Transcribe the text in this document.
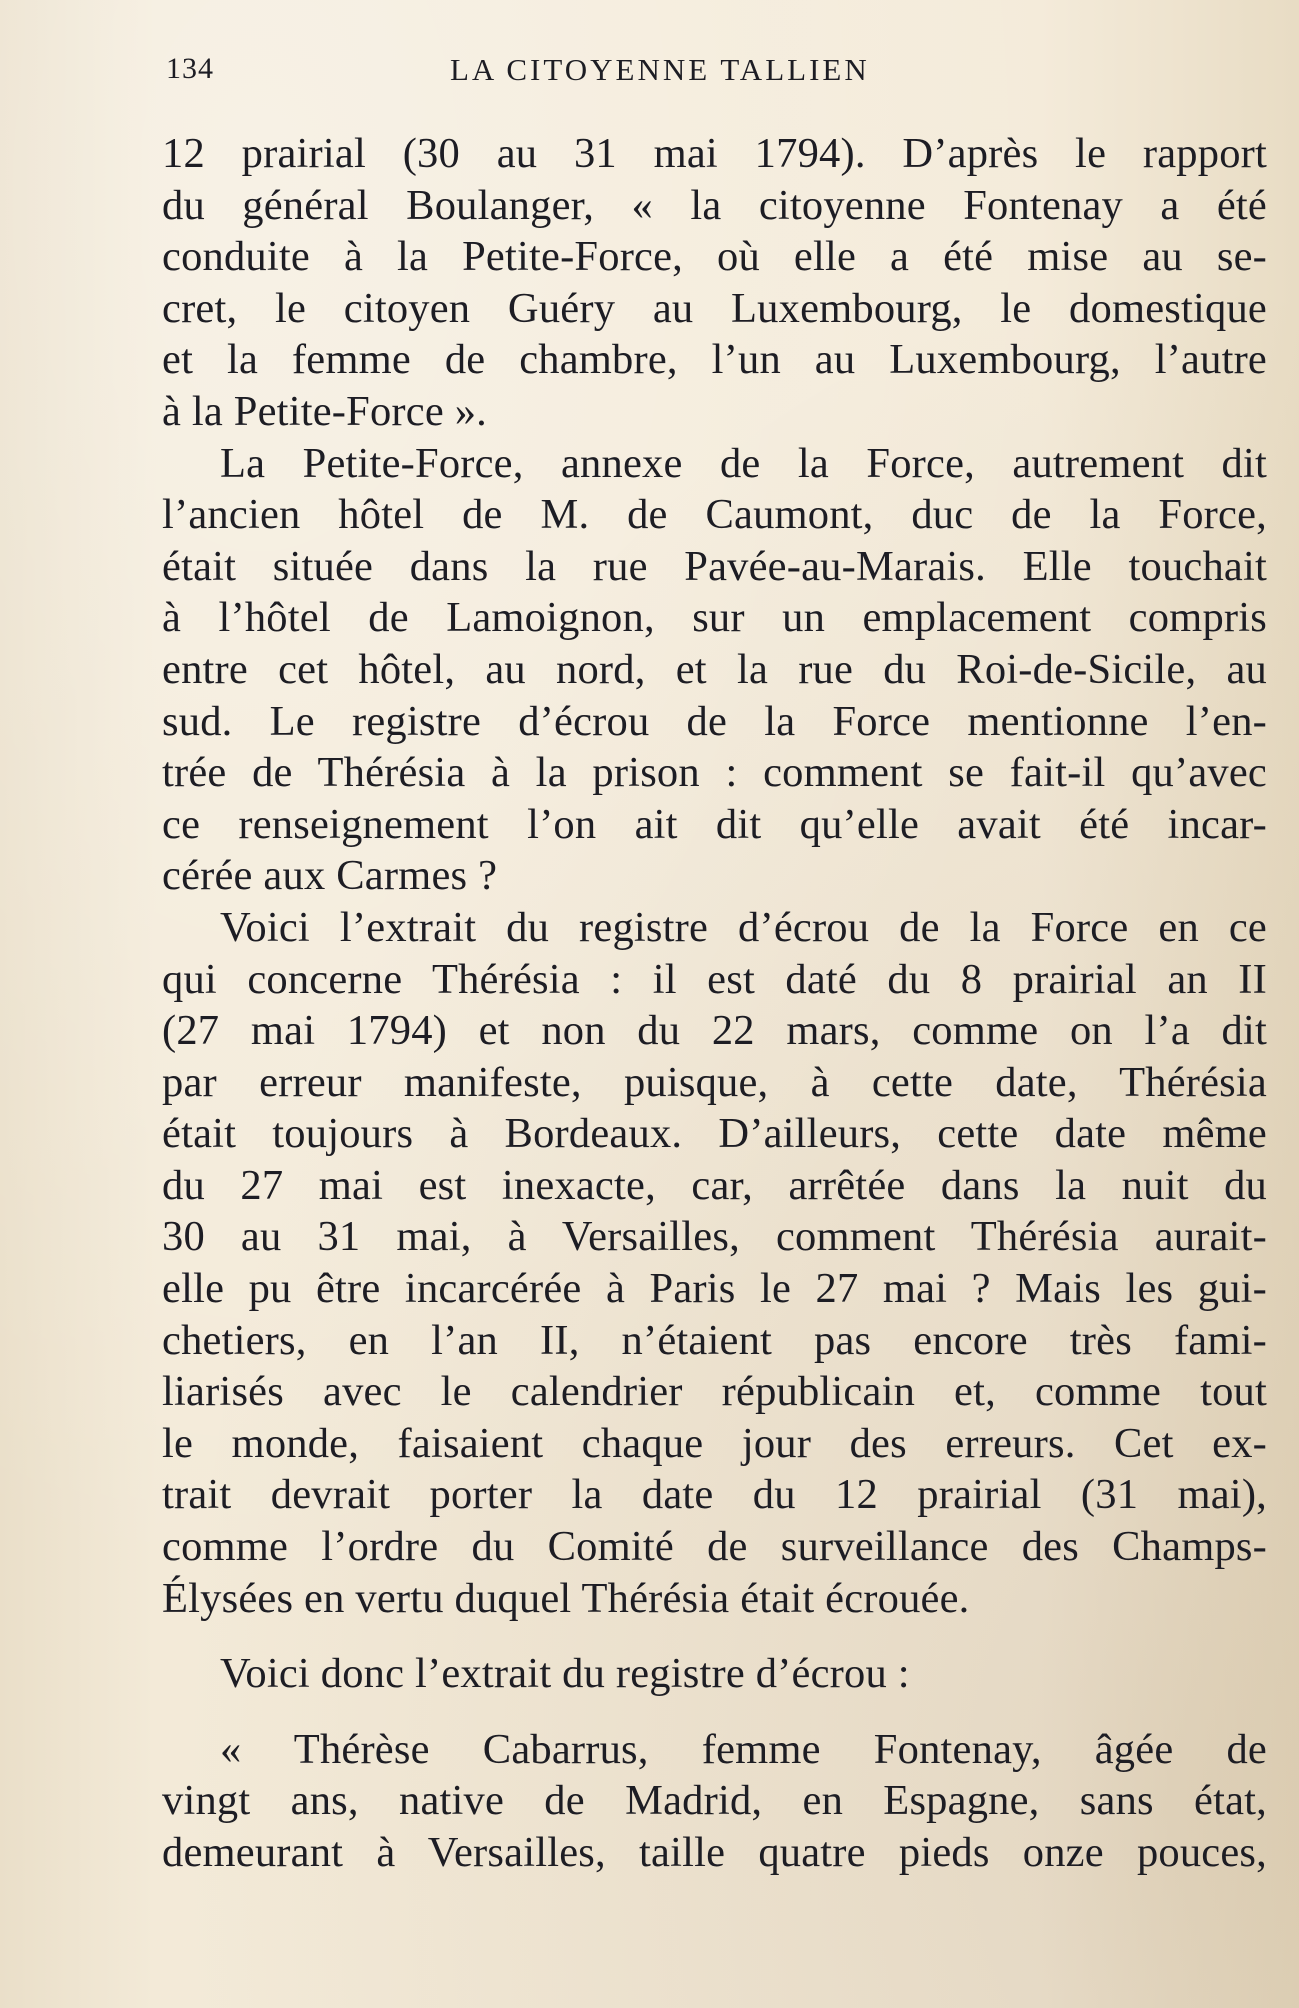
134	LA CITOYENNE TALLIEN
12 prairial (30 au 31 mai 1794). D’après le rapport
du général Boulanger, « la citoyenne Fontenay a été
conduite à la Petite-Force, où elle a été mise au se-
cret, le citoyen Guéry au Luxembourg, le domestique
et la femme de chambre, l’un au Luxembourg, l’autre
à la Petite-Force ».
La Petite-Force, annexe de la Force, autrement dit
l’ancien hôtel de M. de Caumont, duc de la Force,
était située dans la rue Pavée-au-Marais. Elle touchait
à l’hôtel de Lamoignon, sur un emplacement compris
entre cet hôtel, au nord, et la rue du Roi-de-Sicile, au
sud. Le registre d’écrou de la Force mentionne l’en-
trée de Thérésia à la prison : comment se fait-il qu’avec
ce renseignement l’on ait dit qu’elle avait été incar-
cérée aux Carmes ?
Voici l’extrait du registre d’écrou de la Force en ce
qui concerne Thérésia : il est daté du 8 prairial an II
(27 mai 1794) et non du 22 mars, comme on l’a dit
par erreur manifeste, puisque, à cette date, Thérésia
était toujours à Bordeaux. D’ailleurs, cette date même
du 27 mai est inexacte, car, arrêtée dans la nuit du
30 au 31 mai, à Versailles, comment Thérésia aurait-
elle pu être incarcérée à Paris le 27 mai ? Mais les gui-
chetiers, en l’an II, n’étaient pas encore très fami-
liarisés avec le calendrier républicain et, comme tout
le monde, faisaient chaque jour des erreurs. Cet ex-
trait devrait porter la date du 12 prairial (31 mai),
comme l’ordre du Comité de surveillance des Champs-
Élysées en vertu duquel Thérésia était écrouée.
Voici donc l’extrait du registre d’écrou :
« Thérèse Cabarrus, femme Fontenay, âgée de
vingt ans, native de Madrid, en Espagne, sans état,
demeurant à Versailles, taille quatre pieds onze pouces,
